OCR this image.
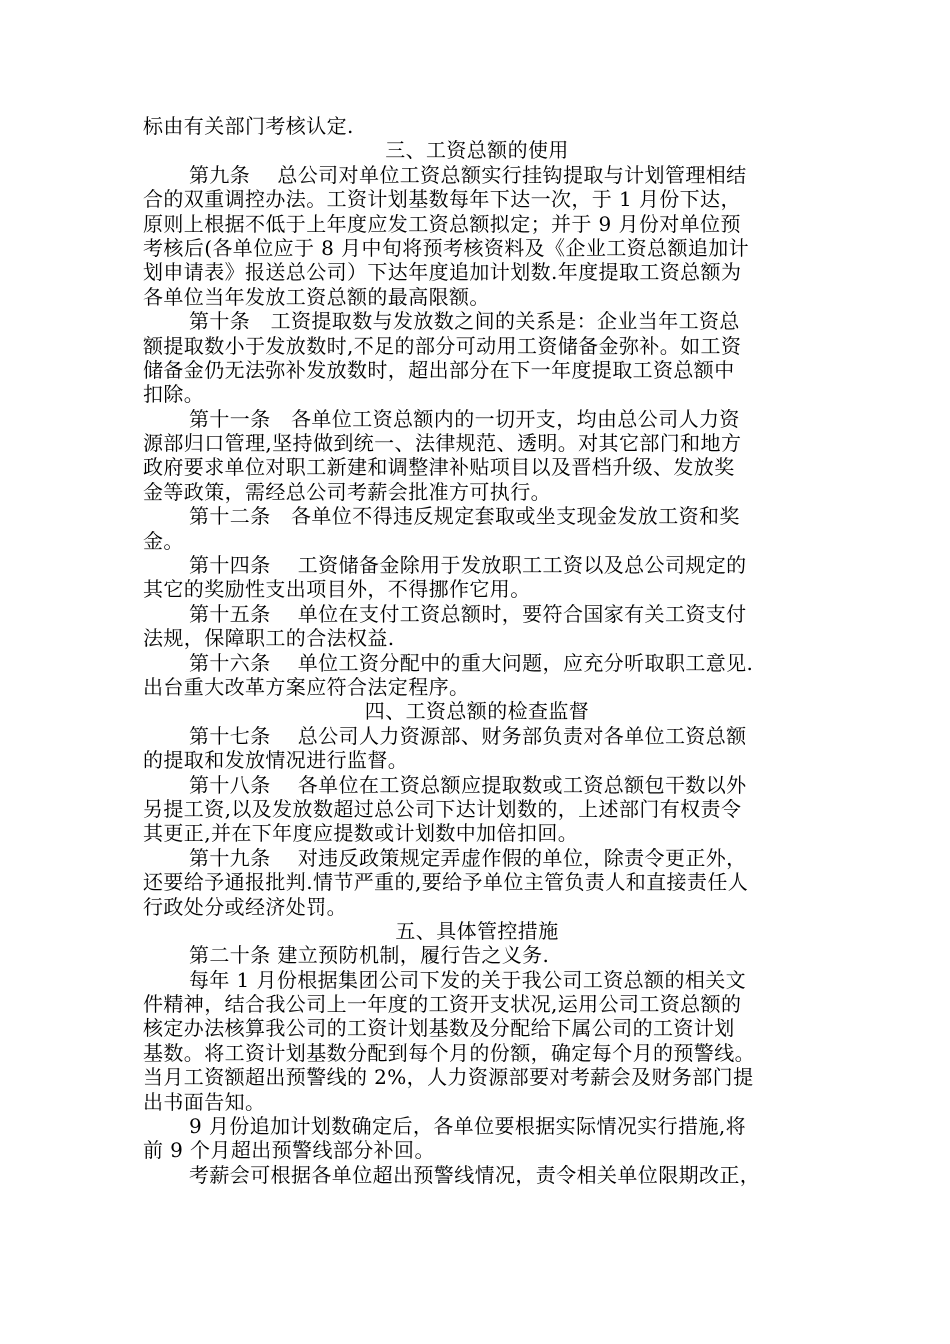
标由有关部门考核认定.
三、工资总额的使用
第九条　 总公司对单位工资总额实行挂钩提取与计划管理相结
合的双重调控办法。工资计划基数每年下达一次，于 1 月份下达，
原则上根据不低于上年度应发工资总额拟定；并于 9 月份对单位预
考核后(各单位应于 8 月中旬将预考核资料及《企业工资总额追加计
划申请表》报送总公司）下达年度追加计划数.年度提取工资总额为
各单位当年发放工资总额的最高限额。
第十条　工资提取数与发放数之间的关系是：企业当年工资总
额提取数小于发放数时,不足的部分可动用工资储备金弥补。如工资
储备金仍无法弥补发放数时，超出部分在下一年度提取工资总额中
扣除。
第十一条　各单位工资总额内的一切开支，均由总公司人力资
源部归口管理,坚持做到统一、法律规范、透明。对其它部门和地方
政府要求单位对职工新建和调整津补贴项目以及晋档升级、发放奖
金等政策，需经总公司考薪会批准方可执行。
第十二条　各单位不得违反规定套取或坐支现金发放工资和奖
金。
第十四条　 工资储备金除用于发放职工工资以及总公司规定的
其它的奖励性支出项目外，不得挪作它用。
第十五条　 单位在支付工资总额时，要符合国家有关工资支付
法规，保障职工的合法权益.
第十六条　 单位工资分配中的重大问题，应充分听取职工意见.
出台重大改革方案应符合法定程序。
四、工资总额的检查监督
第十七条　 总公司人力资源部、财务部负责对各单位工资总额
的提取和发放情况进行监督。
第十八条　 各单位在工资总额应提取数或工资总额包干数以外
另提工资,以及发放数超过总公司下达计划数的，上述部门有权责令
其更正,并在下年度应提数或计划数中加倍扣回。
第十九条　 对违反政策规定弄虚作假的单位，除责令更正外，
还要给予通报批判.情节严重的,要给予单位主管负责人和直接责任人
行政处分或经济处罚。
五、具体管控措施
第二十条 建立预防机制，履行告之义务.
每年 1 月份根据集团公司下发的关于我公司工资总额的相关文
件精神，结合我公司上一年度的工资开支状况,运用公司工资总额的
核定办法核算我公司的工资计划基数及分配给下属公司的工资计划
基数。将工资计划基数分配到每个月的份额，确定每个月的预警线。
当月工资额超出预警线的 2%，人力资源部要对考薪会及财务部门提
出书面告知。
9 月份追加计划数确定后，各单位要根据实际情况实行措施,将
前 9 个月超出预警线部分补回。
考薪会可根据各单位超出预警线情况，责令相关单位限期改正，
